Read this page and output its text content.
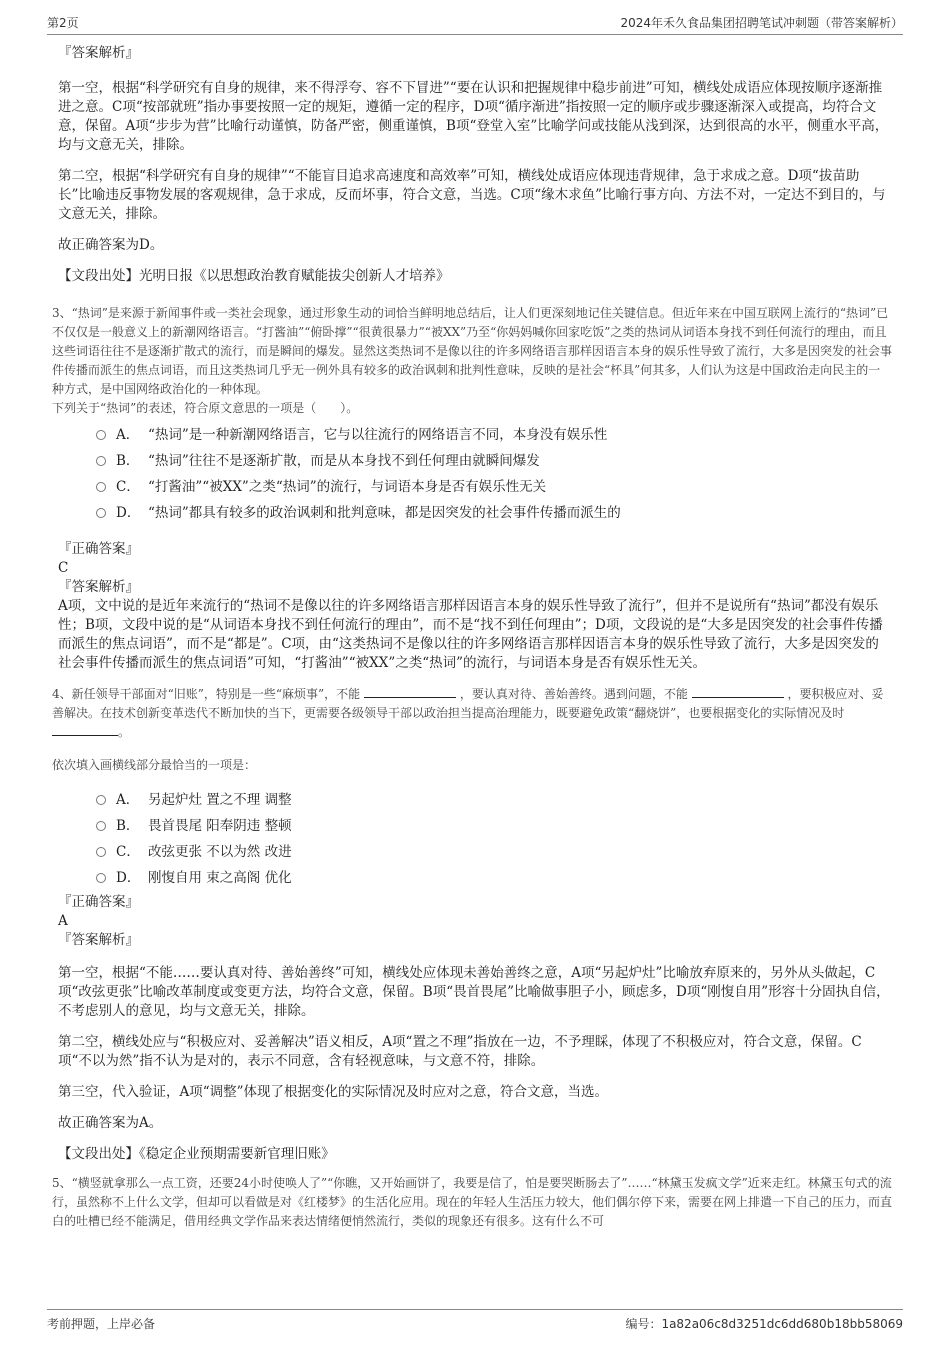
第2页	2024年禾久食品集团招聘笔试冲刺题（带答案解析）

『答案解析』

第一空，根据“科学研究有自身的规律，来不得浮夸、容不下冒进”“要在认识和把握规律中稳步前进”可知，横线处成语应体现按顺序逐渐推进之意。C项“按部就班”指办事要按照一定的规矩，遵循一定的程序，D项“循序渐进”指按照一定的顺序或步骤逐渐深入或提高，均符合文意，保留。A项“步步为营”比喻行动谨慎，防备严密，侧重谨慎，B项“登堂入室”比喻学问或技能从浅到深，达到很高的水平，侧重水平高，均与文意无关，排除。

第二空，根据“科学研究有自身的规律”“不能盲目追求高速度和高效率”可知，横线处成语应体现违背规律，急于求成之意。D项“拔苗助长”比喻违反事物发展的客观规律，急于求成，反而坏事，符合文意，当选。C项“缘木求鱼”比喻行事方向、方法不对，一定达不到目的，与文意无关，排除。

故正确答案为D。

【文段出处】光明日报《以思想政治教育赋能拔尖创新人才培养》

3、“热词”是来源于新闻事件或一类社会现象，通过形象生动的词恰当鲜明地总结后，让人们更深刻地记住关键信息。但近年来在中国互联网上流行的“热词”已不仅仅是一般意义上的新潮网络语言。“打酱油”“俯卧撑”“很黄很暴力”“被XX”乃至“你妈妈喊你回家吃饭”之类的热词从词语本身找不到任何流行的理由，而且这些词语往往不是逐渐扩散式的流行，而是瞬间的爆发。显然这类热词不是像以往的许多网络语言那样因语言本身的娱乐性导致了流行，大多是因突发的社会事件传播而派生的焦点词语，而且这类热词几乎无一例外具有较多的政治讽刺和批判性意味，反映的是社会“杯具”何其多，人们认为这是中国政治走向民主的一种方式，是中国网络政治化的一种体现。

下列关于“热词”的表述，符合原文意思的一项是（　　）。

A． “热词”是一种新潮网络语言，它与以往流行的网络语言不同，本身没有娱乐性
B． “热词”往往不是逐渐扩散，而是从本身找不到任何理由就瞬间爆发
C． “打酱油”“被XX”之类“热词”的流行，与词语本身是否有娱乐性无关
D． “热词”都具有较多的政治讽刺和批判意味，都是因突发的社会事件传播而派生的

『正确答案』

C

『答案解析』

A项，文中说的是近年来流行的“热词不是像以往的许多网络语言那样因语言本身的娱乐性导致了流行”，但并不是说所有“热词”都没有娱乐性；B项，文段中说的是“从词语本身找不到任何流行的理由”，而不是“找不到任何理由”；D项，文段说的是“大多是因突发的社会事件传播而派生的焦点词语”，而不是“都是”。C项，由“这类热词不是像以往的许多网络语言那样因语言本身的娱乐性导致了流行，大多是因突发的社会事件传播而派生的焦点词语”可知，“打酱油”“被XX”之类“热词”的流行，与词语本身是否有娱乐性无关。

4、新任领导干部面对“旧账”，特别是一些“麻烦事”，不能	，要认真对待、善始善终。遇到问题，不能	，要积极应对、妥善解决。在技术创新变革迭代不断加快的当下，更需要各级领导干部以政治担当提高治理能力，既要避免政策“翻烧饼”，也要根据变化的实际情况及时 。

依次填入画横线部分最恰当的一项是：

A． 另起炉灶 置之不理 调整
B． 畏首畏尾 阳奉阴违 整顿
C． 改弦更张 不以为然 改进
D． 刚愎自用 束之高阁 优化

『正确答案』

A

『答案解析』

第一空，根据“不能……要认真对待、善始善终”可知，横线处应体现未善始善终之意，A项“另起炉灶”比喻放弃原来的，另外从头做起，C项“改弦更张”比喻改革制度或变更方法，均符合文意，保留。B项“畏首畏尾”比喻做事胆子小，顾虑多，D项“刚愎自用”形容十分固执自信，不考虑别人的意见，均与文意无关，排除。

第二空，横线处应与“积极应对、妥善解决”语义相反，A项“置之不理”指放在一边，不予理睬，体现了不积极应对，符合文意，保留。C项“不以为然”指不认为是对的，表示不同意，含有轻视意味，与文意不符，排除。

第三空，代入验证，A项“调整”体现了根据变化的实际情况及时应对之意，符合文意，当选。

故正确答案为A。

【文段出处】《稳定企业预期需要新官理旧账》

5、“横竖就拿那么一点工资，还要24小时使唤人了”“你瞧，又开始画饼了，我要是信了，怕是要哭断肠去了”……“林黛玉发疯文学”近来走红。林黛玉句式的流行，虽然称不上什么文学，但却可以看做是对《红楼梦》的生活化应用。现在的年轻人生活压力较大，他们偶尔停下来，需要在网上排遣一下自己的压力，而直白的吐槽已经不能满足，借用经典文学作品来表达情绪便悄然流行，类似的现象还有很多。这有什么不可

考前押题，上岸必备	编号：1a82a06c8d3251dc6dd680b18bb58069
